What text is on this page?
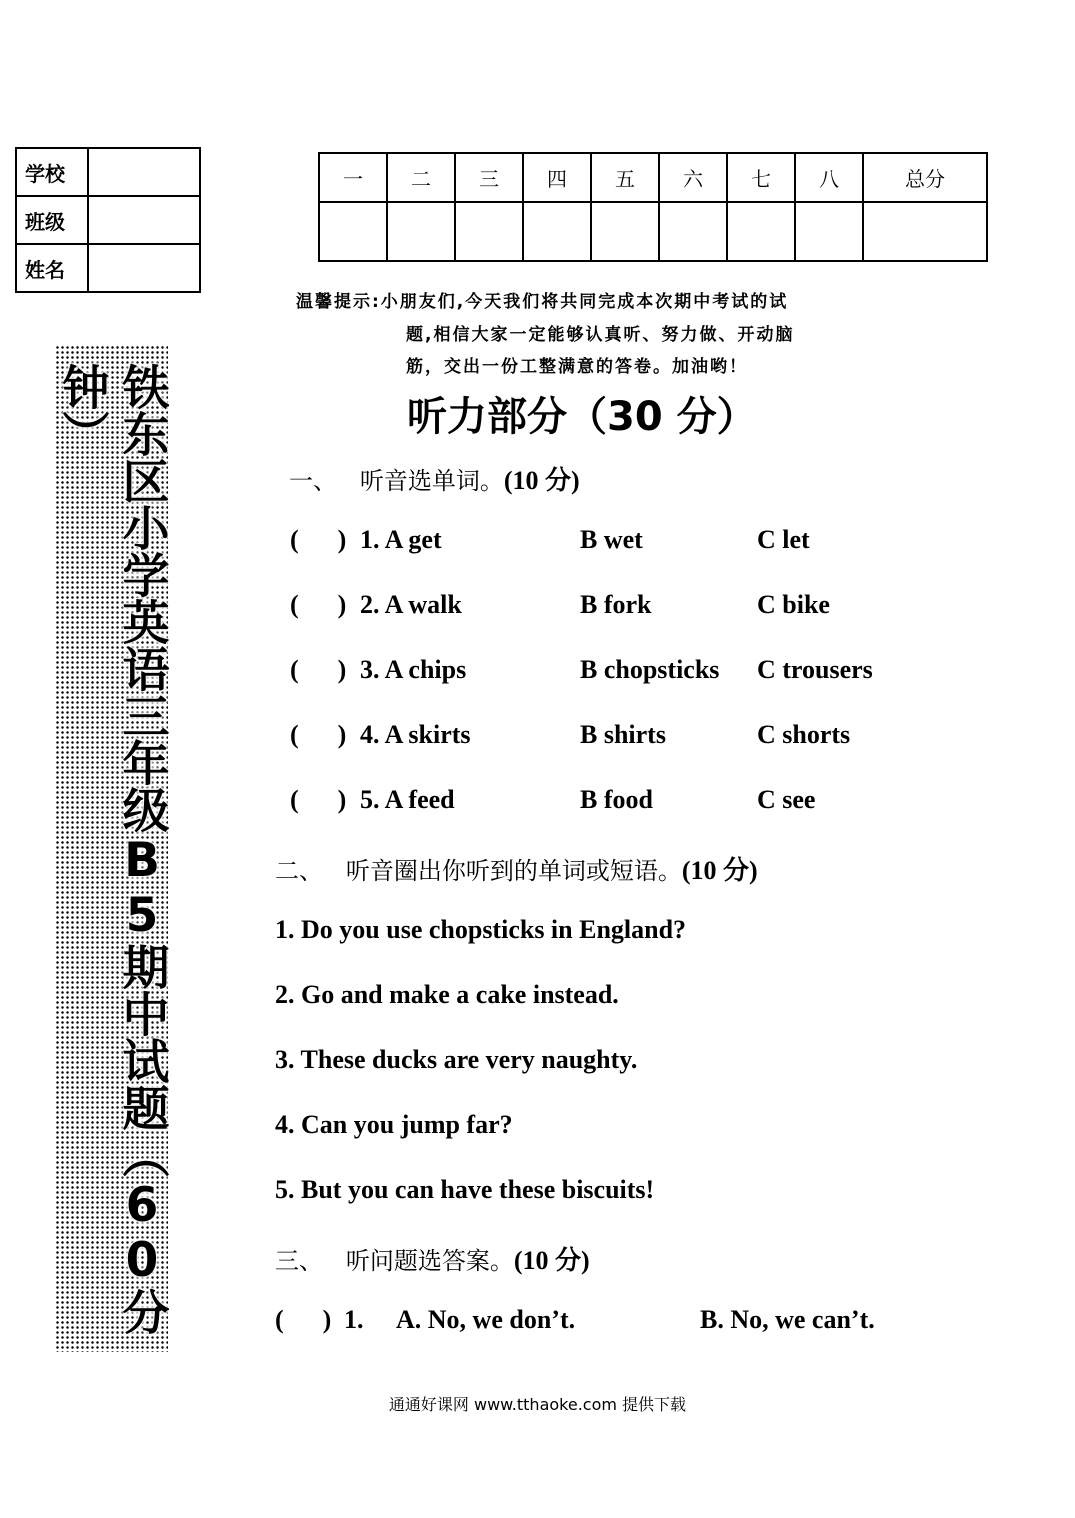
学校	
班级	
姓名	
一	二	三	四	五	六	七	八	总分

铁东区小学英语三年级B5期中试题（60分钟）
温馨提示:小朋友们,今天我们将共同完成本次期中考试的试
题,相信大家一定能够认真听、努力做、开动脑
筋，交出一份工整满意的答卷。加油哟！
听力部分（30 分）
一、 听音选单词。(10 分)
(      ) 1. A get	B wet	C let
(      ) 2. A walk	B fork	C bike
(      ) 3. A chips	B chopsticks C trousers
(      ) 4. A skirts	B shirts	C shorts
(      ) 5. A feed	B food	C see
二、 听音圈出你听到的单词或短语。(10 分)
1. Do you use chopsticks in England?
2. Go and make a cake instead.
3. These ducks are very naughty.
4. Can you jump far?
5. But you can have these biscuits!
三、 听问题选答案。(10 分)
(      ) 1. A. No, we don’t.	B. No, we can’t.
通通好课网 www.tthaoke.com 提供下载
